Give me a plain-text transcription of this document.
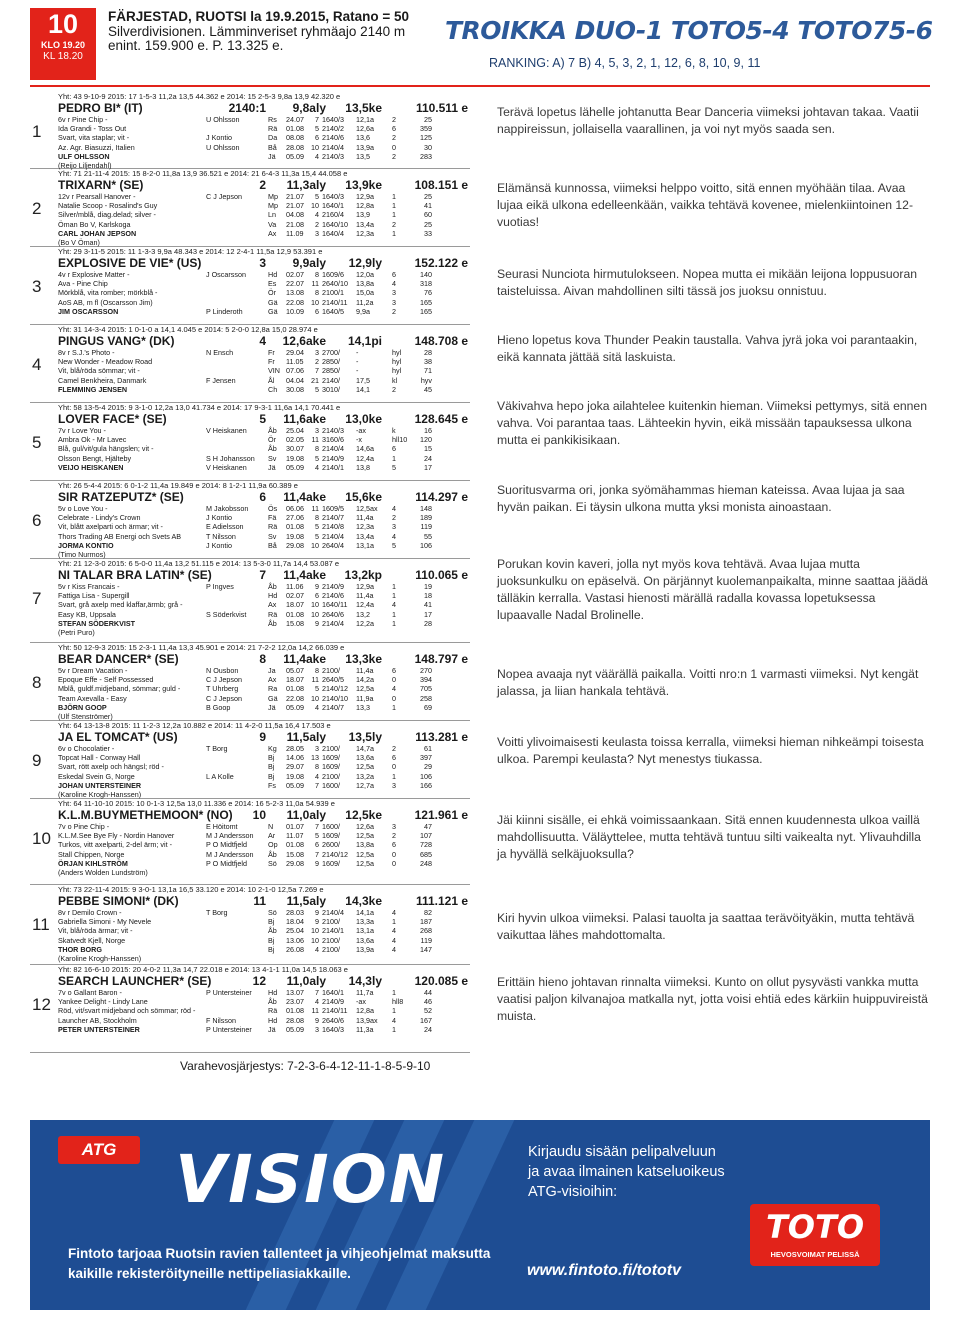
10
KLO 19.20
KL 18.20
FÄRJESTAD, RUOTSI la 19.9.2015, Ratano = 50
Silverdivisionen. Lämminveriset ryhmäajo 2140 m
enint. 159.900 e. P. 13.325 e.
TROIKKA DUO-1 TOTO5-4 TOTO75-6
RANKING: A) 7 B) 4, 5, 3, 2, 1, 12, 6, 8, 10, 9, 11
1
Yht: 43 9-10-9 2015: 17 1-5-3 11,2a 13,5 44.362 e 2014: 15 2-5-3 9,8a 13,9 42.320 e
PEDRO BI* (IT)	2140:1	9,8aly	13,5ke	110.511 e
6v r Pine Chip -
Ida Grandi - Toss Out
Svart, vita staplar; vit -
Az. Agr. Biasuzzi, Italien
ULF OHLSSON
(Reijo Liljendahl)
U Ohlsson	Rs	24.07	7 1640/3	12,1a	2	25
Rä	01.08	5 2140/2	12,6a	6	359
J Kontio	Da	08.08	6 2140/6	13,6	2	125
U Ohlsson	Bå	28.08 10 2140/4	13,9a	0	30
Jä	05.09	4 2140/3	13,5	2	283
2
Yht: 71 21-11-4 2015: 15 8-2-0 11,8a 13,9 36.521 e 2014: 21 6-4-3 11,3a 15,4 44.058 e
TRIXARN* (SE)	2	11,3aly	13,9ke	108.151 e
12v r Pearsall Hanover -
Natalie Scoop - Rosalind's Guy
Silver/mblå, diag.delad; silver -
Öman Bo V, Karlskoga
CARL JOHAN JEPSON
(Bo V Öman)
C J Jepson	Mp	21.07	5 1640/3	12,9a	1	25
Mp	21.07 10 1640/1	12,8a	1	41
Ln	04.08	4 2160/4	13,9	1	60
Va	21.08	2 1640/10	13,4a	2	25
Ax	11.09	3 1640/4	12,3a	1	33
3
Yht: 29 3-11-5 2015: 11 1-3-3 9,9a 48.343 e 2014: 12 2-4-1 11,5a 12,9 53.391 e
EXPLOSIVE DE VIE* (US)	3	9,9aly	12,9ly	152.122 e
4v r Explosive Matter -
Ava - Pine Chip
Mörkblå, vita romber; mörkblå -
AoS AB, m fl (Oscarsson Jim)
JIM OSCARSSON
J Oscarsson	Hd	02.07	8 1609/6	12,0a	6	140
Es	22.07	11 2640/10	13,8a	4	318
Ör	13.08	8 2100/1	15,0a	3	76
Gä	22.08 10 2140/11	11,2a	3	165
P Linderoth	Gä	10.09	6 1640/5	9,9a	2	165
4
Yht: 31 14-3-4 2015: 1 0-1-0 a 14,1 4.045 e 2014: 5 2-0-0 12,8a 15,0 28.974 e
PINGUS VANG* (DK)	4	12,6ake	14,1pi	148.708 e
8v r S.J.'s Photo -
New Wonder - Meadow Road
Vit, blå/röda sömmar; vit -
Camel Benkheira, Danmark
FLEMMING JENSEN
N Ensch	Fr	29.04	3 2700/	-	hyl	28
Fr	11.05	2 2850/	-	hyl	38
VIN 07.06	7 2850/	-	hyl	71
F Jensen	Ål	04.04 21 2140/	17,5	kl	hyv
Ch	30.08	5 3010/	14,1	2	45
5
Yht: 58 13-5-4 2015: 9 3-1-0 12,2a 13,0 41.734 e 2014: 17 9-3-1 11,6a 14,1 70.441 e
LOVER FACE* (SE)	5	11,6ake	13,0ke	128.645 e
7v r Love You -
Ambra Ok - Mr Lavec
Blå, gul/vit/gula hängslen; vit -
Olsson Bengt, Hjälteby
VEIJO HEISKANEN
V Heiskanen	Åb	25.04	3 2140/3	-ax	k	16
Ör	02.05	11 3160/6	-x	hll10	120
Åb	30.07	8 2140/4	14,6a	6	15
S H Johansson	Sv	19.08	5 2140/9	12,4a	1	24
V Heiskanen	Jä	05.09	4 2140/1	13,8	5	17
6
Yht: 26 5-4-4 2015: 6 0-1-2 11,4a 19.849 e 2014: 8 1-2-1 11,9a 60.389 e
SIR RATZEPUTZ* (SE)	6	11,4ake	15,6ke	114.297 e
5v o Love You -
Celebrate - Lindy's Crown
Vit, blått axelparti och ärmar; vit -
Thors Trading AB Energi och Svets AB
JORMA KONTIO
(Timo Nurmos)
M Jakobsson	Ös	06.06	11 1609/5	12,5ax	4	148
J Kontio	Fä	27.06	8 2140/7	11,4a	2	189
E Adielsson	Rä	01.08	5 2140/8	12,3a	3	119
T Nilsson	Sv	19.08	5 2140/4	13,4a	4	55
J Kontio	Bå	29.08 10 2640/4	13,1a	5	106
7
Yht: 21 12-3-0 2015: 6 5-0-0 11,4a 13,2 51.115 e 2014: 13 5-3-0 11,7a 14,4 53.087 e
NI TALAR BRA LATIN* (SE)	7	11,4ake	13,2kp	110.065 e
5v r Kiss Francais -
Fattiga Lisa - Supergill
Svart, grå axelp med klaffar,ärmb; grå -
Easy KB, Uppsala
STEFAN SÖDERKVIST
(Petri Puro)
P Ingves	Åb	11.06	9 2140/9	12,9a	1	19
Hd	02.07	6 2140/6	11,4a	1	18
Ax	18.07 10 1640/11	12,4a	4	41
S Söderkvist	Rä	01.08 10 2640/6	13,2	1	17
Åb	15.08	9 2140/4	12,2a	1	28
8
Yht: 50 12-9-3 2015: 15 2-3-1 11,4a 13,3 45.901 e 2014: 21 7-2-2 12,0a 14,2 66.039 e
BEAR DANCER* (SE)	8	11,4ake	13,3ke	148.797 e
5v r Dream Vacation -
Epoque Effe - Self Possessed
Mblå, guldf.midjeband, sömmar; guld -
Team Axevalla - Easy
BJÖRN GOOP
(Ulf Stenströmer)
N Ousbon	Ja	05.07	8 2100/	11,4a	6	270
C J Jepson	Ax	18.07	11 2640/5	14,2a	0	394
T Uhrberg	Ra	01.08	5 2140/12	12,5a	4	705
C J Jepson	Gä	22.08 10 2140/10	11,9a	0	258
B Goop	Jä	05.09	4 2140/7	13,3	1	69
9
Yht: 64 13-13-8 2015: 11 1-2-3 12,2a 10.882 e 2014: 11 4-2-0 11,5a 16,4 17.503 e
JA EL TOMCAT* (US)	9	11,5aly	13,5ly	113.281 e
6v o Chocolatier -
Topcat Hall - Conway Hall
Svart, rött axelp och hängsl; röd -
Eskedal Svein G, Norge
JOHAN UNTERSTEINER
(Karoline Krogh-Hanssen)
T Borg	Kg	28.05	3 2100/	14,7a	2	61
Bj	14.06 13 1609/	13,6a	6	397
Bj	29.07	8 1609/	12,5a	0	29
L A Kolle	Bj	19.08	4 2100/	13,2a	1	106
Fs	05.09	7 1600/	12,7a	3	166
10
Yht: 64 11-10-10 2015: 10 0-1-3 12,5a 13,0 11.336 e 2014: 16 5-2-3 11,0a 54.939 e
K.L.M.BUYMETHEMOON* (NO)	10	11,0aly	12,5ke	121.961 e
7v o Pine Chip -
K.L.M.See Bye Fly - Nordin Hanover
Turkos, vitt axelparti, 2-del ärm; vit -
Stall Chippen, Norge
ÖRJAN KIHLSTRÖM
(Anders Wolden Lundström)
E Höitomt	N	01.07	7 1600/	12,6a	3	47
M J Andersson	Ar	11.07	5 1609/	12,5a	2	107
P O Midtfjeld	Op	01.08	6 2600/	13,8a	6	728
M J Andersson	Åb	15.08	7 2140/12	12,5a	0	685
P O Midtfjeld	Sö	29.08	9 1609/	12,5a	0	248
11
Yht: 73 22-11-4 2015: 9 3-0-1 13,1a 16,5 33.120 e 2014: 10 2-1-0 12,5a 7.269 e
PEBBE SIMONI* (DK)	11	11,5aly	14,3ke	111.121 e
8v r Demilo Crown -
Gabriella Simoni - My Nevele
Vit, blå/röda ärmar; vit -
Skatvedt Kjell, Norge
THOR BORG
(Karoline Krogh-Hanssen)
T Borg	Sö	28.03	9 2140/4	14,1a	4	82
Bj	18.04	9 2100/	13,3a	1	187
Åb	25.04 10 2140/1	13,1a	4	268
Bj	13.06 10 2100/	13,6a	4	119
Bj	26.08	4 2100/	13,9a	4	147
12
Yht: 82 16-6-10 2015: 20 4-0-2 11,3a 14,7 22.018 e 2014: 13 4-1-1 11,0a 14,5 18.063 e
SEARCH LAUNCHER* (SE)	12	11,0aly	14,3ly	120.085 e
7v o Gallant Baron -
Yankee Delight - Lindy Lane
Röd, vit/svart midjeband och sömmar; röd -
Launcher AB, Stockholm
PETER UNTERSTEINER
P Untersteiner	Hd	13.07	7 1640/1	11,7a	1	44
Åb	23.07	4 2140/9	-ax	hll8	46
Rä	01.08	11 2140/11	12,8a	1	52
F Nilsson	Hd	28.08	9 2640/6	13,9ax	4	167
P Untersteiner	Jä	05.09	3 1640/3	11,3a	1	24
Varahevosjärjestys: 7-2-3-6-4-12-11-1-8-5-9-10
Terävä lopetus lähelle johtanutta Bear Danceria viimeksi johtavan takaa. Vaatii nappireissun, jollaisella vaarallinen, ja voi nyt myös saada sen.
Elämänsä kunnossa, viimeksi helppo voitto, sitä ennen myöhään tilaa. Avaa lujaa eikä ulkona edelleenkään, vaikka tehtävä kovenee, mielenkiintoinen 12-vuotias!
Seurasi Nunciota hirmutulokseen. Nopea mutta ei mikään leijona loppusuoran taisteluissa. Aivan mahdollinen silti tässä jos juoksu onnistuu.
Hieno lopetus kova Thunder Peakin taustalla. Vahva jyrä joka voi parantaakin, eikä kannata jättää sitä laskuista.
Väkivahva hepo joka ailahtelee kuitenkin hieman. Viimeksi pettymys, sitä ennen vahva. Voi parantaa taas. Lähteekin hyvin, eikä missään tapauksessa ulkona mutta ei pankikisikaan.
Suoritusvarma ori, jonka syömähammas hieman kateissa. Avaa lujaa ja saa hyvän paikan. Ei täysin ulkona mutta yksi monista ainoastaan.
Porukan kovin kaveri, jolla nyt myös kova tehtävä. Avaa lujaa mutta juoksunkulku on epäselvä. On pärjännyt kuolemanpaikalta, minne saattaa jäädä tälläkin kerralla. Vastasi hienosti märällä radalla kovassa lopetuksessa lupaavalle Nadal Brolinelle.
Nopea avaaja nyt väärällä paikalla. Voitti nro:n 1 varmasti viimeksi. Nyt kengät jalassa, ja liian hankala tehtävä.
Voitti ylivoimaisesti keulasta toissa kerralla, viimeksi hieman nihkeämpi toisesta ulkoa. Parempi keulasta? Nyt menestys tiukassa.
Jäi kiinni sisälle, ei ehkä voimissaankaan. Sitä ennen kuudennesta ulkoa vaillä mahdollisuutta. Väläyttelee, mutta tehtävä tuntuu silti vaikealta nyt. Ylivauhdilla ja hyvällä selkäjuoksulla?
Kiri hyvin ulkoa viimeksi. Palasi tauolta ja saattaa terävöityäkin, mutta tehtävä vaikuttaa lähes mahdottomalta.
Erittäin hieno johtavan rinnalta viimeksi. Kunto on ollut pysyvästi vankka mutta vaatisi paljon kilvanajoa matkalla nyt, jotta voisi ehtiä edes kärkiin huippuvireistä muista.
ATG VISION
Fintoto tarjoaa Ruotsin ravien tallenteet ja vihjeohjelmat maksutta kaikille rekisteröityneille nettipeliasiakkaille.
Kirjaudu sisään pelipalveluun
ja avaa ilmainen katseluoikeus
ATG-visioihin:
TOTO
HEVOSVOIMAT PELISSÄ
www.fintoto.fi/tototv
